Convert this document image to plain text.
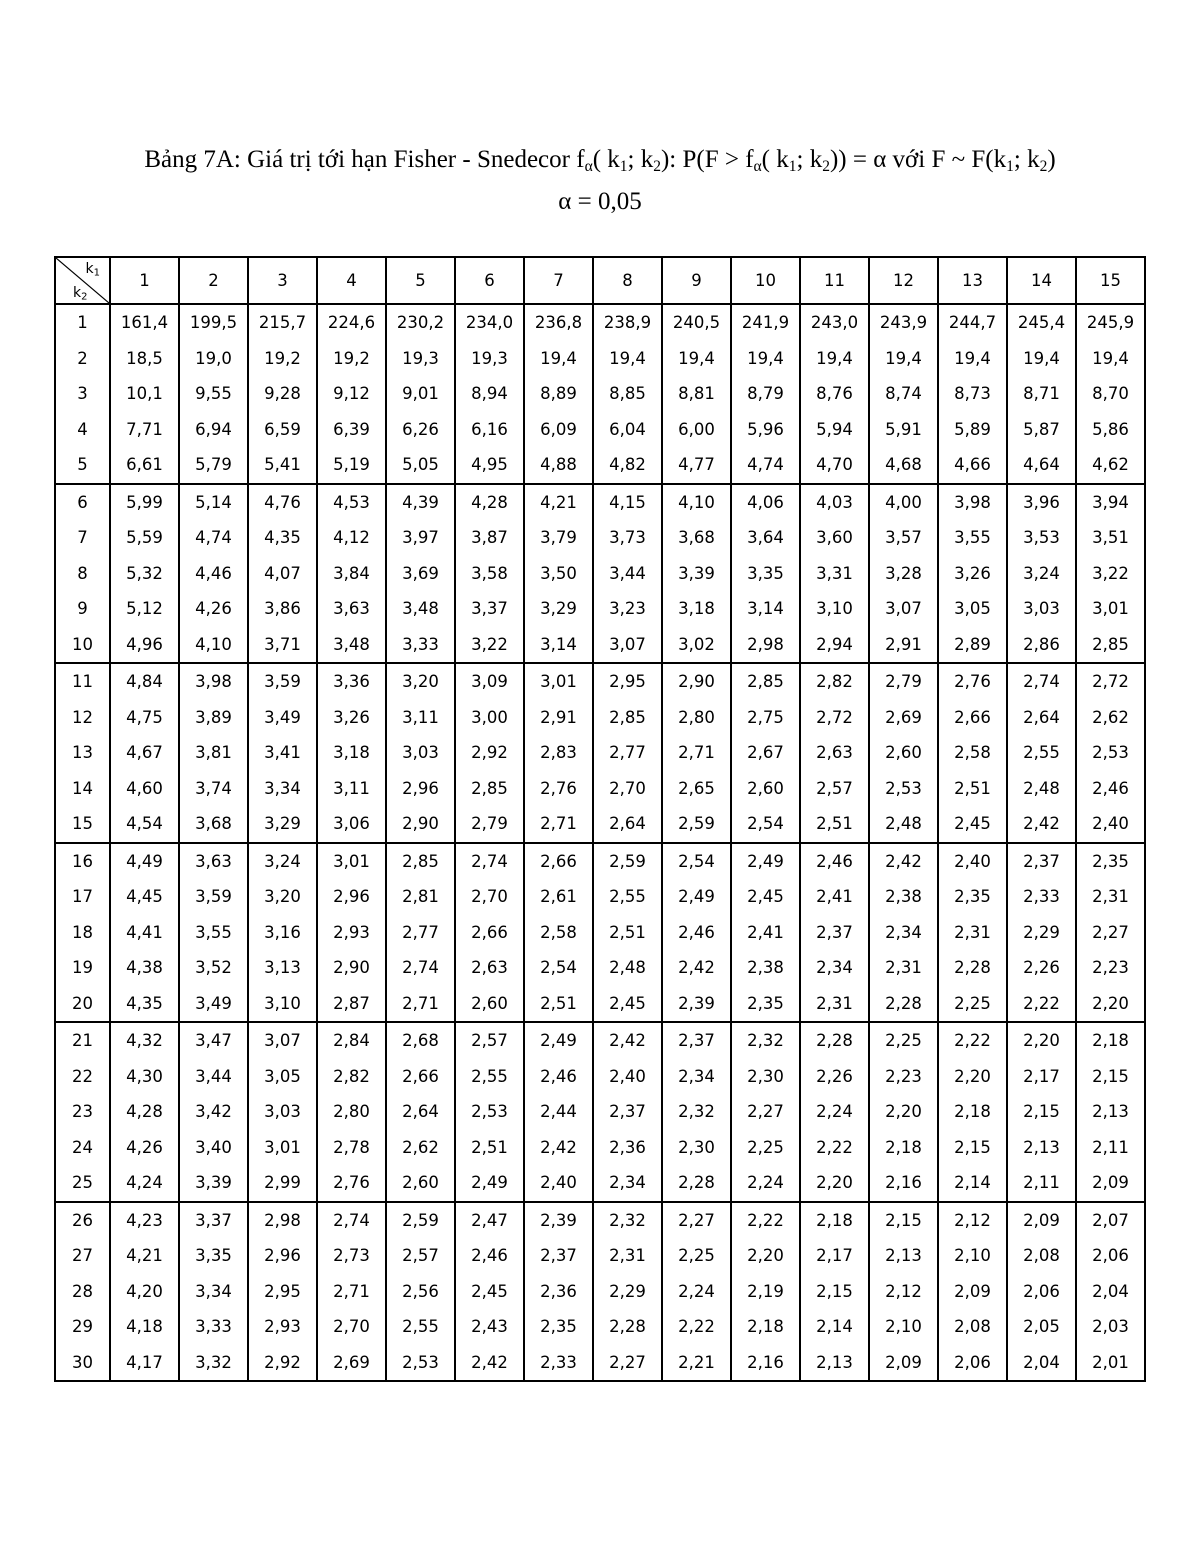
Bảng 7A: Giá trị tới hạn Fisher - Snedecor $f_\alpha$( $k_1$; $k_2$): $P(F > f_\alpha$( $k_1$; $k_2)) = \alpha$ với F ~ $F(k_1$; $k_2$)
α = 0,05
$k_1$
$k_2$	1	2	3	4	5	6	7	8	9	10	11	12	13	14	15
1	161,4	199,5	215,7	224,6	230,2	234,0	236,8	238,9	240,5	241,9	243,0	243,9	244,7	245,4	245,9
2	18,5	19,0	19,2	19,2	19,3	19,3	19,4	19,4	19,4	19,4	19,4	19,4	19,4	19,4	19,4
3	10,1	9,55	9,28	9,12	9,01	8,94	8,89	8,85	8,81	8,79	8,76	8,74	8,73	8,71	8,70
4	7,71	6,94	6,59	6,39	6,26	6,16	6,09	6,04	6,00	5,96	5,94	5,91	5,89	5,87	5,86
5	6,61	5,79	5,41	5,19	5,05	4,95	4,88	4,82	4,77	4,74	4,70	4,68	4,66	4,64	4,62
6	5,99	5,14	4,76	4,53	4,39	4,28	4,21	4,15	4,10	4,06	4,03	4,00	3,98	3,96	3,94
7	5,59	4,74	4,35	4,12	3,97	3,87	3,79	3,73	3,68	3,64	3,60	3,57	3,55	3,53	3,51
8	5,32	4,46	4,07	3,84	3,69	3,58	3,50	3,44	3,39	3,35	3,31	3,28	3,26	3,24	3,22
9	5,12	4,26	3,86	3,63	3,48	3,37	3,29	3,23	3,18	3,14	3,10	3,07	3,05	3,03	3,01
10	4,96	4,10	3,71	3,48	3,33	3,22	3,14	3,07	3,02	2,98	2,94	2,91	2,89	2,86	2,85
11	4,84	3,98	3,59	3,36	3,20	3,09	3,01	2,95	2,90	2,85	2,82	2,79	2,76	2,74	2,72
12	4,75	3,89	3,49	3,26	3,11	3,00	2,91	2,85	2,80	2,75	2,72	2,69	2,66	2,64	2,62
13	4,67	3,81	3,41	3,18	3,03	2,92	2,83	2,77	2,71	2,67	2,63	2,60	2,58	2,55	2,53
14	4,60	3,74	3,34	3,11	2,96	2,85	2,76	2,70	2,65	2,60	2,57	2,53	2,51	2,48	2,46
15	4,54	3,68	3,29	3,06	2,90	2,79	2,71	2,64	2,59	2,54	2,51	2,48	2,45	2,42	2,40
16	4,49	3,63	3,24	3,01	2,85	2,74	2,66	2,59	2,54	2,49	2,46	2,42	2,40	2,37	2,35
17	4,45	3,59	3,20	2,96	2,81	2,70	2,61	2,55	2,49	2,45	2,41	2,38	2,35	2,33	2,31
18	4,41	3,55	3,16	2,93	2,77	2,66	2,58	2,51	2,46	2,41	2,37	2,34	2,31	2,29	2,27
19	4,38	3,52	3,13	2,90	2,74	2,63	2,54	2,48	2,42	2,38	2,34	2,31	2,28	2,26	2,23
20	4,35	3,49	3,10	2,87	2,71	2,60	2,51	2,45	2,39	2,35	2,31	2,28	2,25	2,22	2,20
21	4,32	3,47	3,07	2,84	2,68	2,57	2,49	2,42	2,37	2,32	2,28	2,25	2,22	2,20	2,18
22	4,30	3,44	3,05	2,82	2,66	2,55	2,46	2,40	2,34	2,30	2,26	2,23	2,20	2,17	2,15
23	4,28	3,42	3,03	2,80	2,64	2,53	2,44	2,37	2,32	2,27	2,24	2,20	2,18	2,15	2,13
24	4,26	3,40	3,01	2,78	2,62	2,51	2,42	2,36	2,30	2,25	2,22	2,18	2,15	2,13	2,11
25	4,24	3,39	2,99	2,76	2,60	2,49	2,40	2,34	2,28	2,24	2,20	2,16	2,14	2,11	2,09
26	4,23	3,37	2,98	2,74	2,59	2,47	2,39	2,32	2,27	2,22	2,18	2,15	2,12	2,09	2,07
27	4,21	3,35	2,96	2,73	2,57	2,46	2,37	2,31	2,25	2,20	2,17	2,13	2,10	2,08	2,06
28	4,20	3,34	2,95	2,71	2,56	2,45	2,36	2,29	2,24	2,19	2,15	2,12	2,09	2,06	2,04
29	4,18	3,33	2,93	2,70	2,55	2,43	2,35	2,28	2,22	2,18	2,14	2,10	2,08	2,05	2,03
30	4,17	3,32	2,92	2,69	2,53	2,42	2,33	2,27	2,21	2,16	2,13	2,09	2,06	2,04	2,01
